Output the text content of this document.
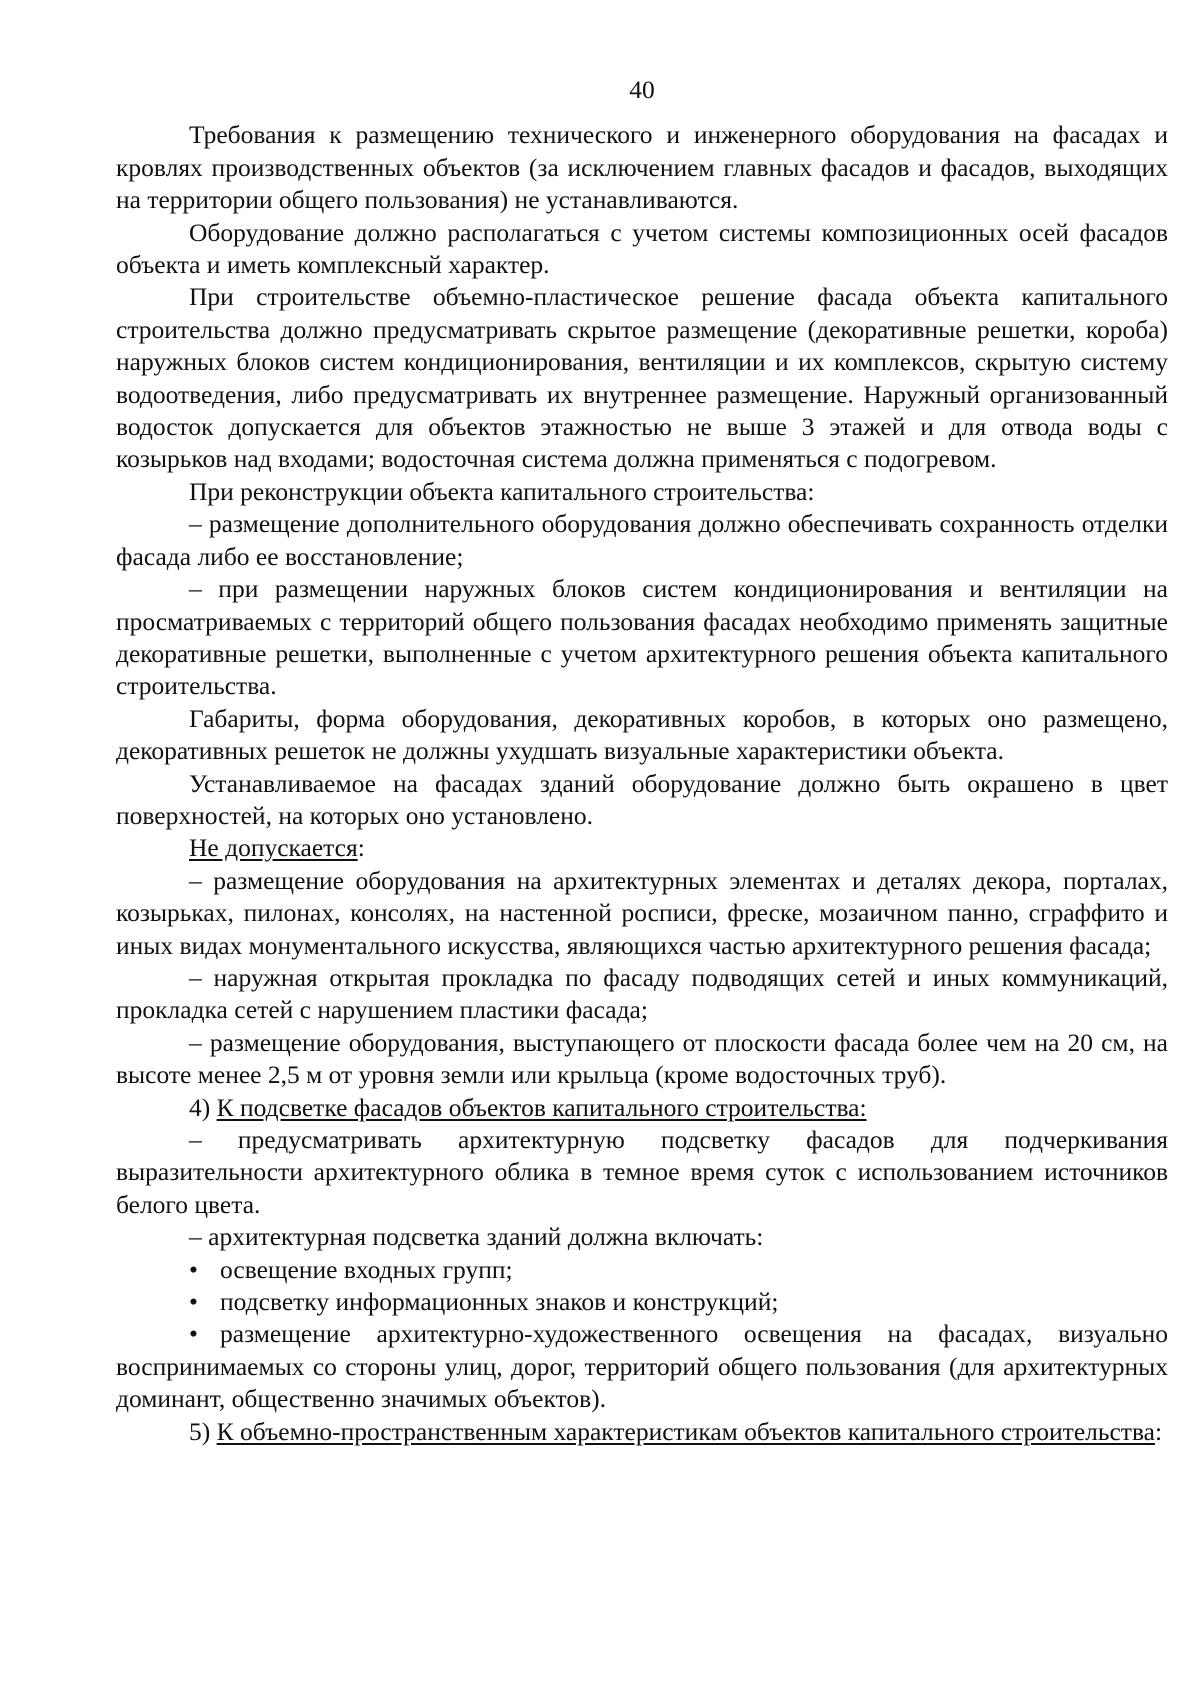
40

Требования к размещению технического и инженерного оборудования на фасадах и кровлях производственных объектов (за исключением главных фасадов и фасадов, выходящих на территории общего пользования) не устанавливаются.

Оборудование должно располагаться с учетом системы композиционных осей фасадов объекта и иметь комплексный характер.

При строительстве объемно-пластическое решение фасада объекта капитального строительства должно предусматривать скрытое размещение (декоративные решетки, короба) наружных блоков систем кондиционирования, вентиляции и их комплексов, скрытую систему водоотведения, либо предусматривать их внутреннее размещение. Наружный организованный водосток допускается для объектов этажностью не выше 3 этажей и для отвода воды с козырьков над входами; водосточная система должна применяться с подогревом.

При реконструкции объекта капитального строительства:

– размещение дополнительного оборудования должно обеспечивать сохранность отделки фасада либо ее восстановление;

– при размещении наружных блоков систем кондиционирования и вентиляции на просматриваемых с территорий общего пользования фасадах необходимо применять защитные декоративные решетки, выполненные с учетом архитектурного решения объекта капитального строительства.

Габариты, форма оборудования, декоративных коробов, в которых оно размещено, декоративных решеток не должны ухудшать визуальные характеристики объекта.

Устанавливаемое на фасадах зданий оборудование должно быть окрашено в цвет поверхностей, на которых оно установлено.

Не допускается:

– размещение оборудования на архитектурных элементах и деталях декора, порталах, козырьках, пилонах, консолях, на настенной росписи, фреске, мозаичном панно, сграффито и иных видах монументального искусства, являющихся частью архитектурного решения фасада;

– наружная открытая прокладка по фасаду подводящих сетей и иных коммуникаций, прокладка сетей с нарушением пластики фасада;

– размещение оборудования, выступающего от плоскости фасада более чем на 20 см, на высоте менее 2,5 м от уровня земли или крыльца (кроме водосточных труб).

4) К подсветке фасадов объектов капитального строительства:

– предусматривать архитектурную подсветку фасадов для подчеркивания выразительности архитектурного облика в темное время суток с использованием источников белого цвета.

– архитектурная подсветка зданий должна включать:

• освещение входных групп;

• подсветку информационных знаков и конструкций;

• размещение архитектурно-художественного освещения на фасадах, визуально воспринимаемых со стороны улиц, дорог, территорий общего пользования (для архитектурных доминант, общественно значимых объектов).

5) К объемно-пространственным характеристикам объектов капитального строительства:
